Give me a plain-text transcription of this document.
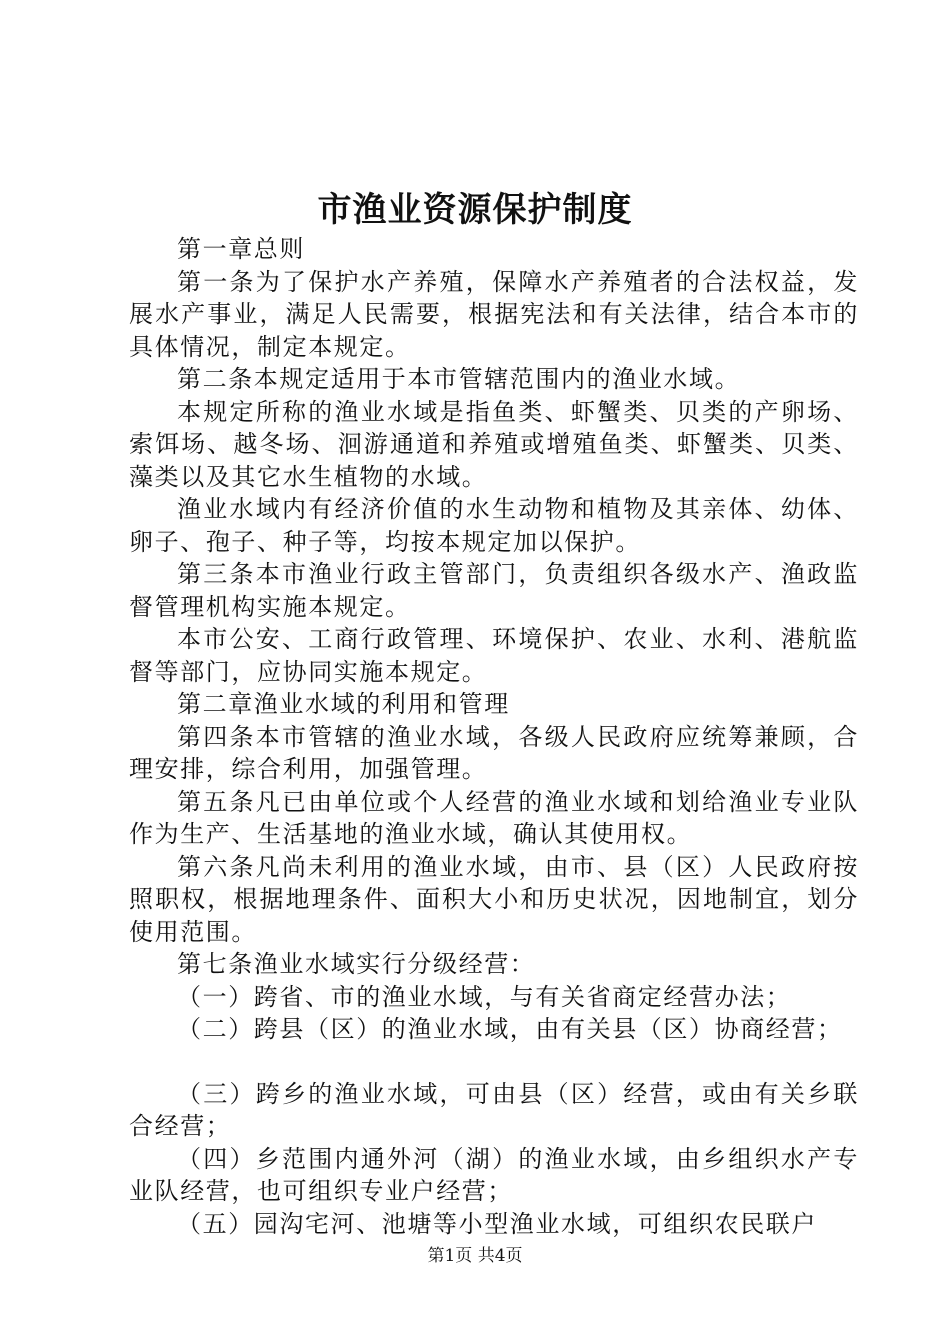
市渔业资源保护制度

第一章总则

第一条为了保护水产养殖，保障水产养殖者的合法权益，发展水产事业，满足人民需要，根据宪法和有关法律，结合本市的具体情况，制定本规定。

第二条本规定适用于本市管辖范围内的渔业水域。

本规定所称的渔业水域是指鱼类、虾蟹类、贝类的产卵场、索饵场、越冬场、洄游通道和养殖或增殖鱼类、虾蟹类、贝类、藻类以及其它水生植物的水域。

渔业水域内有经济价值的水生动物和植物及其亲体、幼体、卵子、孢子、种子等，均按本规定加以保护。

第三条本市渔业行政主管部门，负责组织各级水产、渔政监督管理机构实施本规定。

本市公安、工商行政管理、环境保护、农业、水利、港航监督等部门，应协同实施本规定。

第二章渔业水域的利用和管理

第四条本市管辖的渔业水域，各级人民政府应统筹兼顾，合理安排，综合利用，加强管理。

第五条凡已由单位或个人经营的渔业水域和划给渔业专业队作为生产、生活基地的渔业水域，确认其使用权。

第六条凡尚未利用的渔业水域，由市、县（区）人民政府按照职权，根据地理条件、面积大小和历史状况，因地制宜，划分使用范围。

第七条渔业水域实行分级经营：

（一）跨省、市的渔业水域，与有关省商定经营办法；

（二）跨县（区）的渔业水域，由有关县（区）协商经营；

（三）跨乡的渔业水域，可由县（区）经营，或由有关乡联合经营；

（四）乡范围内通外河（湖）的渔业水域，由乡组织水产专业队经营，也可组织专业户经营；

（五）园沟宅河、池塘等小型渔业水域，可组织农民联户

第1页 共4页
